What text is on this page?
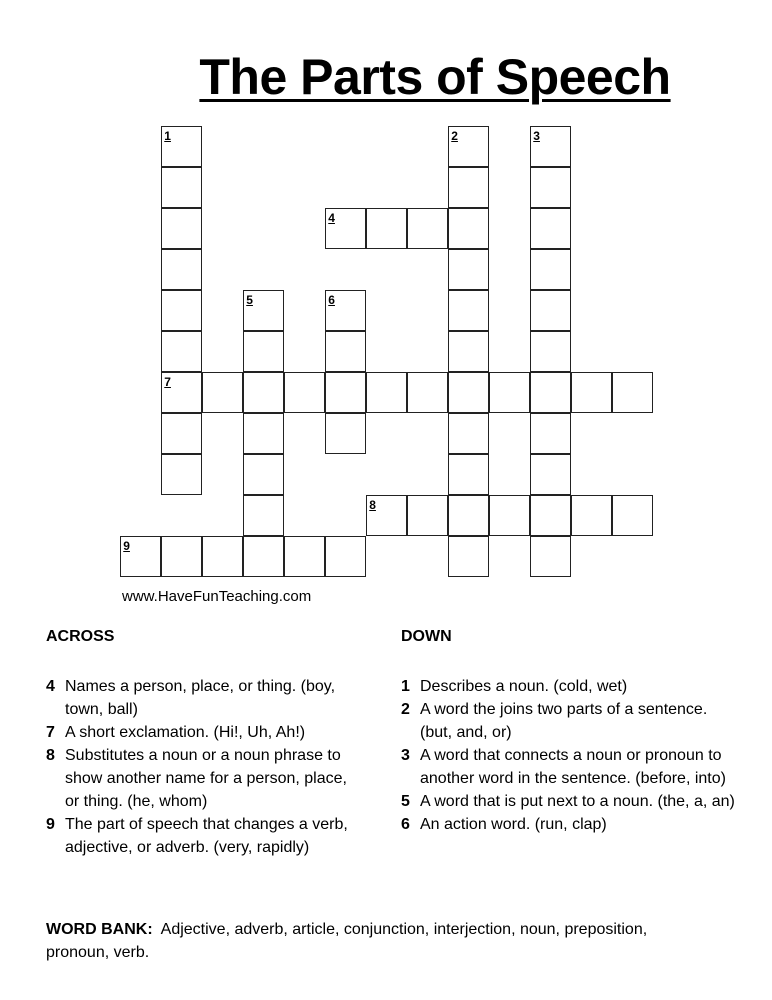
The Parts of Speech
1
7
2	3
4
5	6
8
9
www.HaveFunTeaching.com
ACROSS	DOWN
4 Names a person, place, or thing. (boy, town, ball)
7 A short exclamation. (Hi!, Uh, Ah!)
8 Substitutes a noun or a noun phrase to show another name for a person, place, or thing. (he, whom)
9 The part of speech that changes a verb, adjective, or adverb. (very, rapidly)
1 Describes a noun. (cold, wet)
2 A word the joins two parts of a sentence. (but, and, or)
3 A word that connects a noun or pronoun to another word in the sentence. (before, into)
5 A word that is put next to a noun. (the, a, an)
6 An action word. (run, clap)
WORD BANK: Adjective, adverb, article, conjunction, interjection, noun, preposition, pronoun, verb.
